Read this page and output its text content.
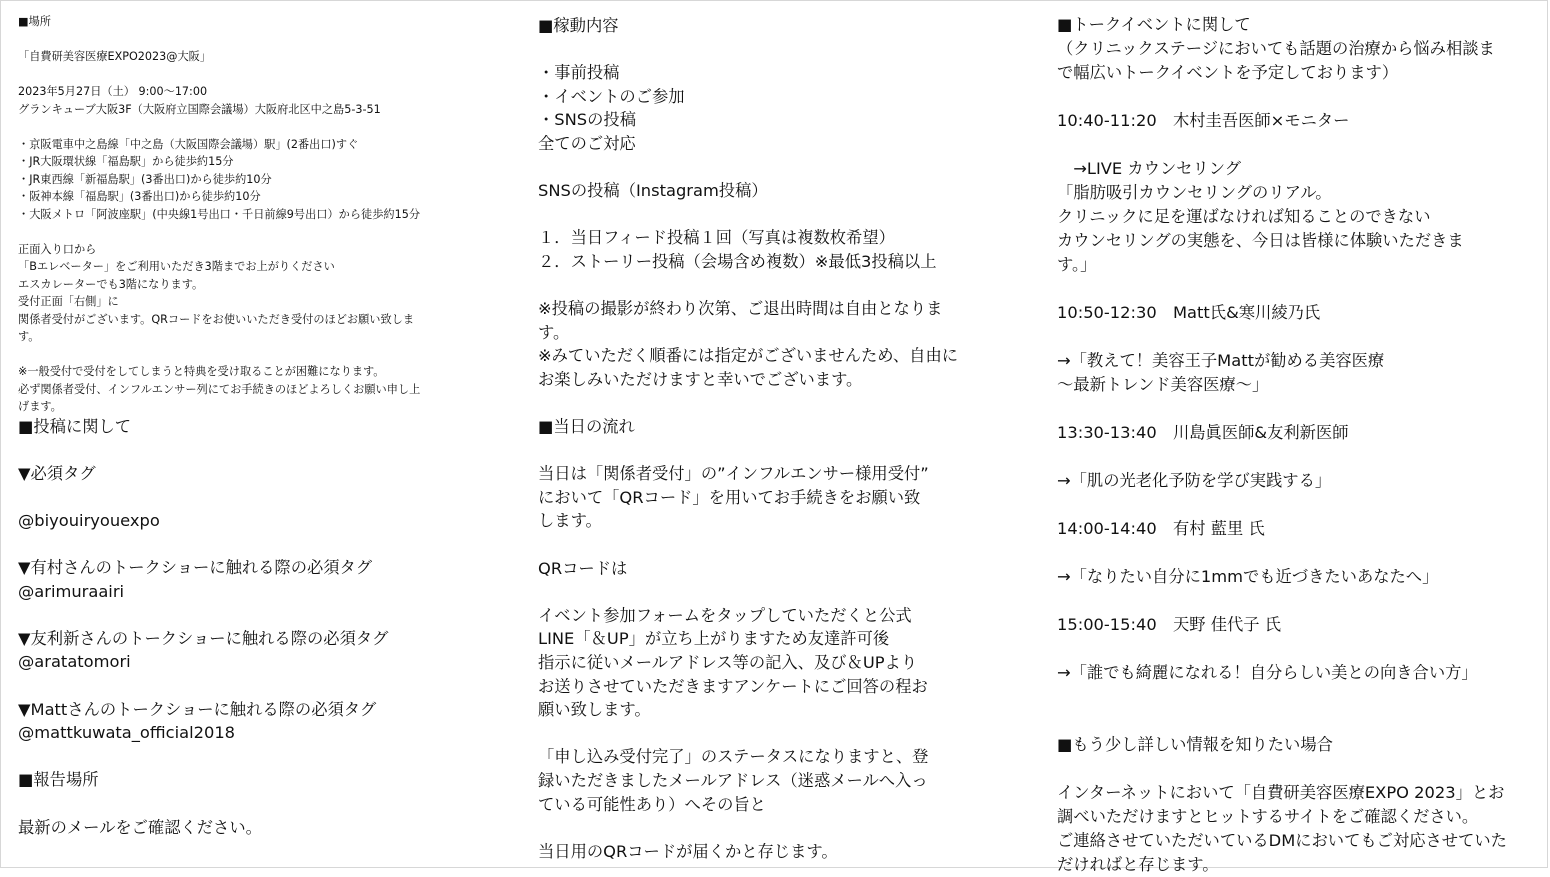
■場所

「自費研美容医療EXPO2023@大阪」

2023年5月27日（土） 9:00〜17:00
グランキューブ大阪3F（大阪府立国際会議場）大阪府北区中之島5-3-51

・京阪電車中之島線「中之島（大阪国際会議場）駅」(2番出口)すぐ
・JR大阪環状線「福島駅」から徒歩約15分
・JR東西線「新福島駅」(3番出口)から徒歩約10分
・阪神本線「福島駅」(3番出口)から徒歩約10分
・大阪メトロ「阿波座駅」(中央線1号出口・千日前線9号出口）から徒歩約15分

正面入り口から
「Bエレベーター」をご利用いただき3階までお上がりください
エスカレーターでも3階になります。
受付正面「右側」に
関係者受付がございます。QRコードをお使いいただき受付のほどお願い致しま
す。

※一般受付で受付をしてしまうと特典を受け取ることが困難になります。
必ず関係者受付、インフルエンサー列にてお手続きのほどよろしくお願い申し上
げます。
■投稿に関して

▼必須タグ

@biyouiryouexpo

▼有村さんのトークショーに触れる際の必須タグ
@arimuraairi

▼友利新さんのトークショーに触れる際の必須タグ
@aratatomori

▼Mattさんのトークショーに触れる際の必須タグ
@mattkuwata_official2018

■報告場所

最新のメールをご確認ください。
■稼動内容

・事前投稿
・イベントのご参加
・SNSの投稿
全てのご対応

SNSの投稿（Instagram投稿）

１．当日フィード投稿１回（写真は複数枚希望）
２．ストーリー投稿（会場含め複数）※最低3投稿以上

※投稿の撮影が終わり次第、ご退出時間は自由となりま
す。
※みていただく順番には指定がございませんため、自由に
お楽しみいただけますと幸いでございます。

■当日の流れ

当日は「関係者受付」の”インフルエンサー様用受付”
において「QRコード」を用いてお手続きをお願い致
します。

QRコードは

イベント参加フォームをタップしていただくと公式
LINE「＆UP」が立ち上がりますため友達許可後
指示に従いメールアドレス等の記入、及び＆UPより
お送りさせていただきますアンケートにご回答の程お
願い致します。

「申し込み受付完了」のステータスになりますと、登
録いただきましたメールアドレス（迷惑メールへ入っ
ている可能性あり）へその旨と

当日用のQRコードが届くかと存じます。
■トークイベントに関して
（クリニックステージにおいても話題の治療から悩み相談ま
で幅広いトークイベントを予定しております）

10:40-11:20　木村圭吾医師×モニター

　→LIVE カウンセリング
「脂肪吸引カウンセリングのリアル。
クリニックに足を運ばなければ知ることのできない
カウンセリングの実態を、今日は皆様に体験いただきま
す。」

10:50-12:30　Matt氏&寒川綾乃氏

→「教えて！美容王子Mattが勧める美容医療
〜最新トレンド美容医療〜」

13:30-13:40　川島眞医師&友利新医師

→「肌の光老化予防を学び実践する」

14:00-14:40　有村 藍里 氏

→「なりたい自分に1mmでも近づきたいあなたへ」

15:00-15:40　天野 佳代子 氏

→「誰でも綺麗になれる！自分らしい美との向き合い方」

■もう少し詳しい情報を知りたい場合

インターネットにおいて「自費研美容医療EXPO 2023」とお
調べいただけますとヒットするサイトをご確認ください。
ご連絡させていただいているDMにおいてもご対応させていた
だければと存じます。
